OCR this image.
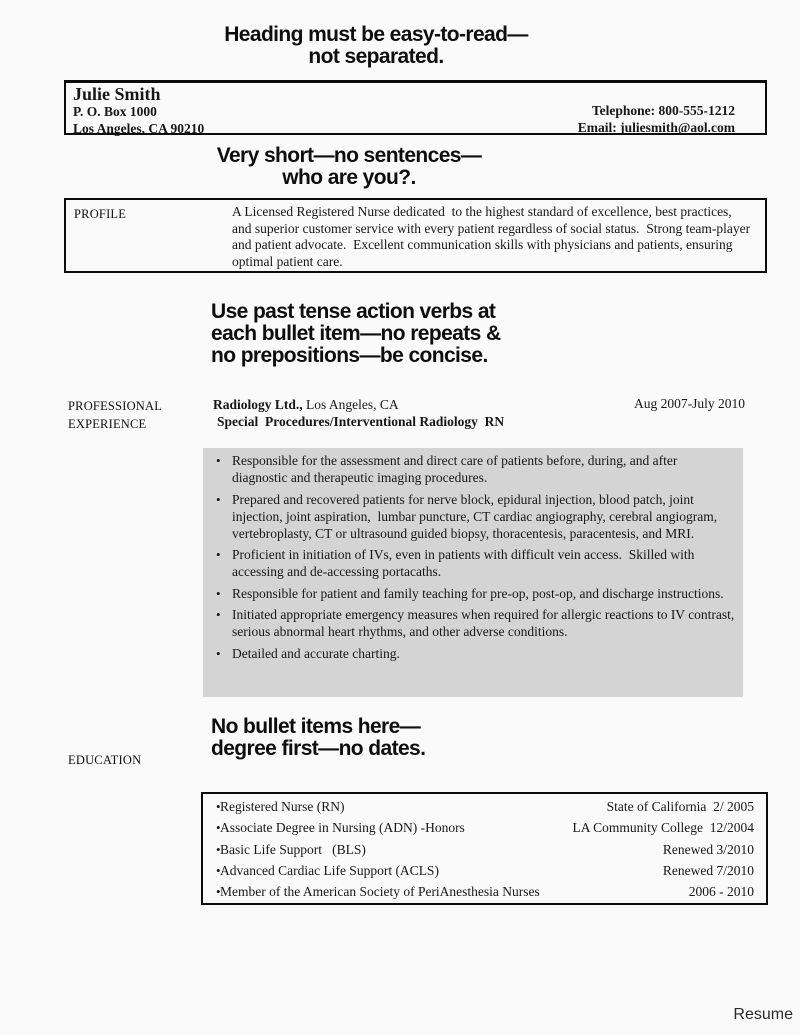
Heading must be easy-to-read—
not separated.
Julie Smith
P. O. Box 1000
Los Angeles, CA 90210
Telephone: 800-555-1212
Email: juliesmith@aol.com
Very short—no sentences—
who are you?.
PROFILE	A Licensed Registered Nurse dedicated  to the highest standard of excellence, best practices, and superior customer service with every patient regardless of social status.  Strong team-player and patient advocate.  Excellent communication skills with physicians and patients, ensuring optimal patient care.
Use past tense action verbs at
each bullet item—no repeats &
no prepositions—be concise.
PROFESSIONAL
EXPERIENCE
Radiology Ltd., Los Angeles, CA
Special  Procedures/Interventional Radiology  RN
Aug 2007-July 2010
• Responsible for the assessment and direct care of patients before, during, and after diagnostic and therapeutic imaging procedures.
• Prepared and recovered patients for nerve block, epidural injection, blood patch, joint injection, joint aspiration,  lumbar puncture, CT cardiac angiography, cerebral angiogram, vertebroplasty, CT or ultrasound guided biopsy, thoracentesis, paracentesis, and MRI.
• Proficient in initiation of IVs, even in patients with difficult vein access.  Skilled with accessing and de-accessing portacaths.
• Responsible for patient and family teaching for pre-op, post-op, and discharge instructions.
• Initiated appropriate emergency measures when required for allergic reactions to IV contrast, serious abnormal heart rhythms, and other adverse conditions.
• Detailed and accurate charting.
No bullet items here—
degree first—no dates.
EDUCATION
• Registered Nurse (RN)	State of California  2/ 2005
• Associate Degree in Nursing (ADN) -Honors	LA Community College  12/2004
• Basic Life Support   (BLS)	Renewed 3/2010
• Advanced Cardiac Life Support (ACLS)	Renewed 7/2010
• Member of the American Society of PeriAnesthesia Nurses	2006 - 2010
Resume
